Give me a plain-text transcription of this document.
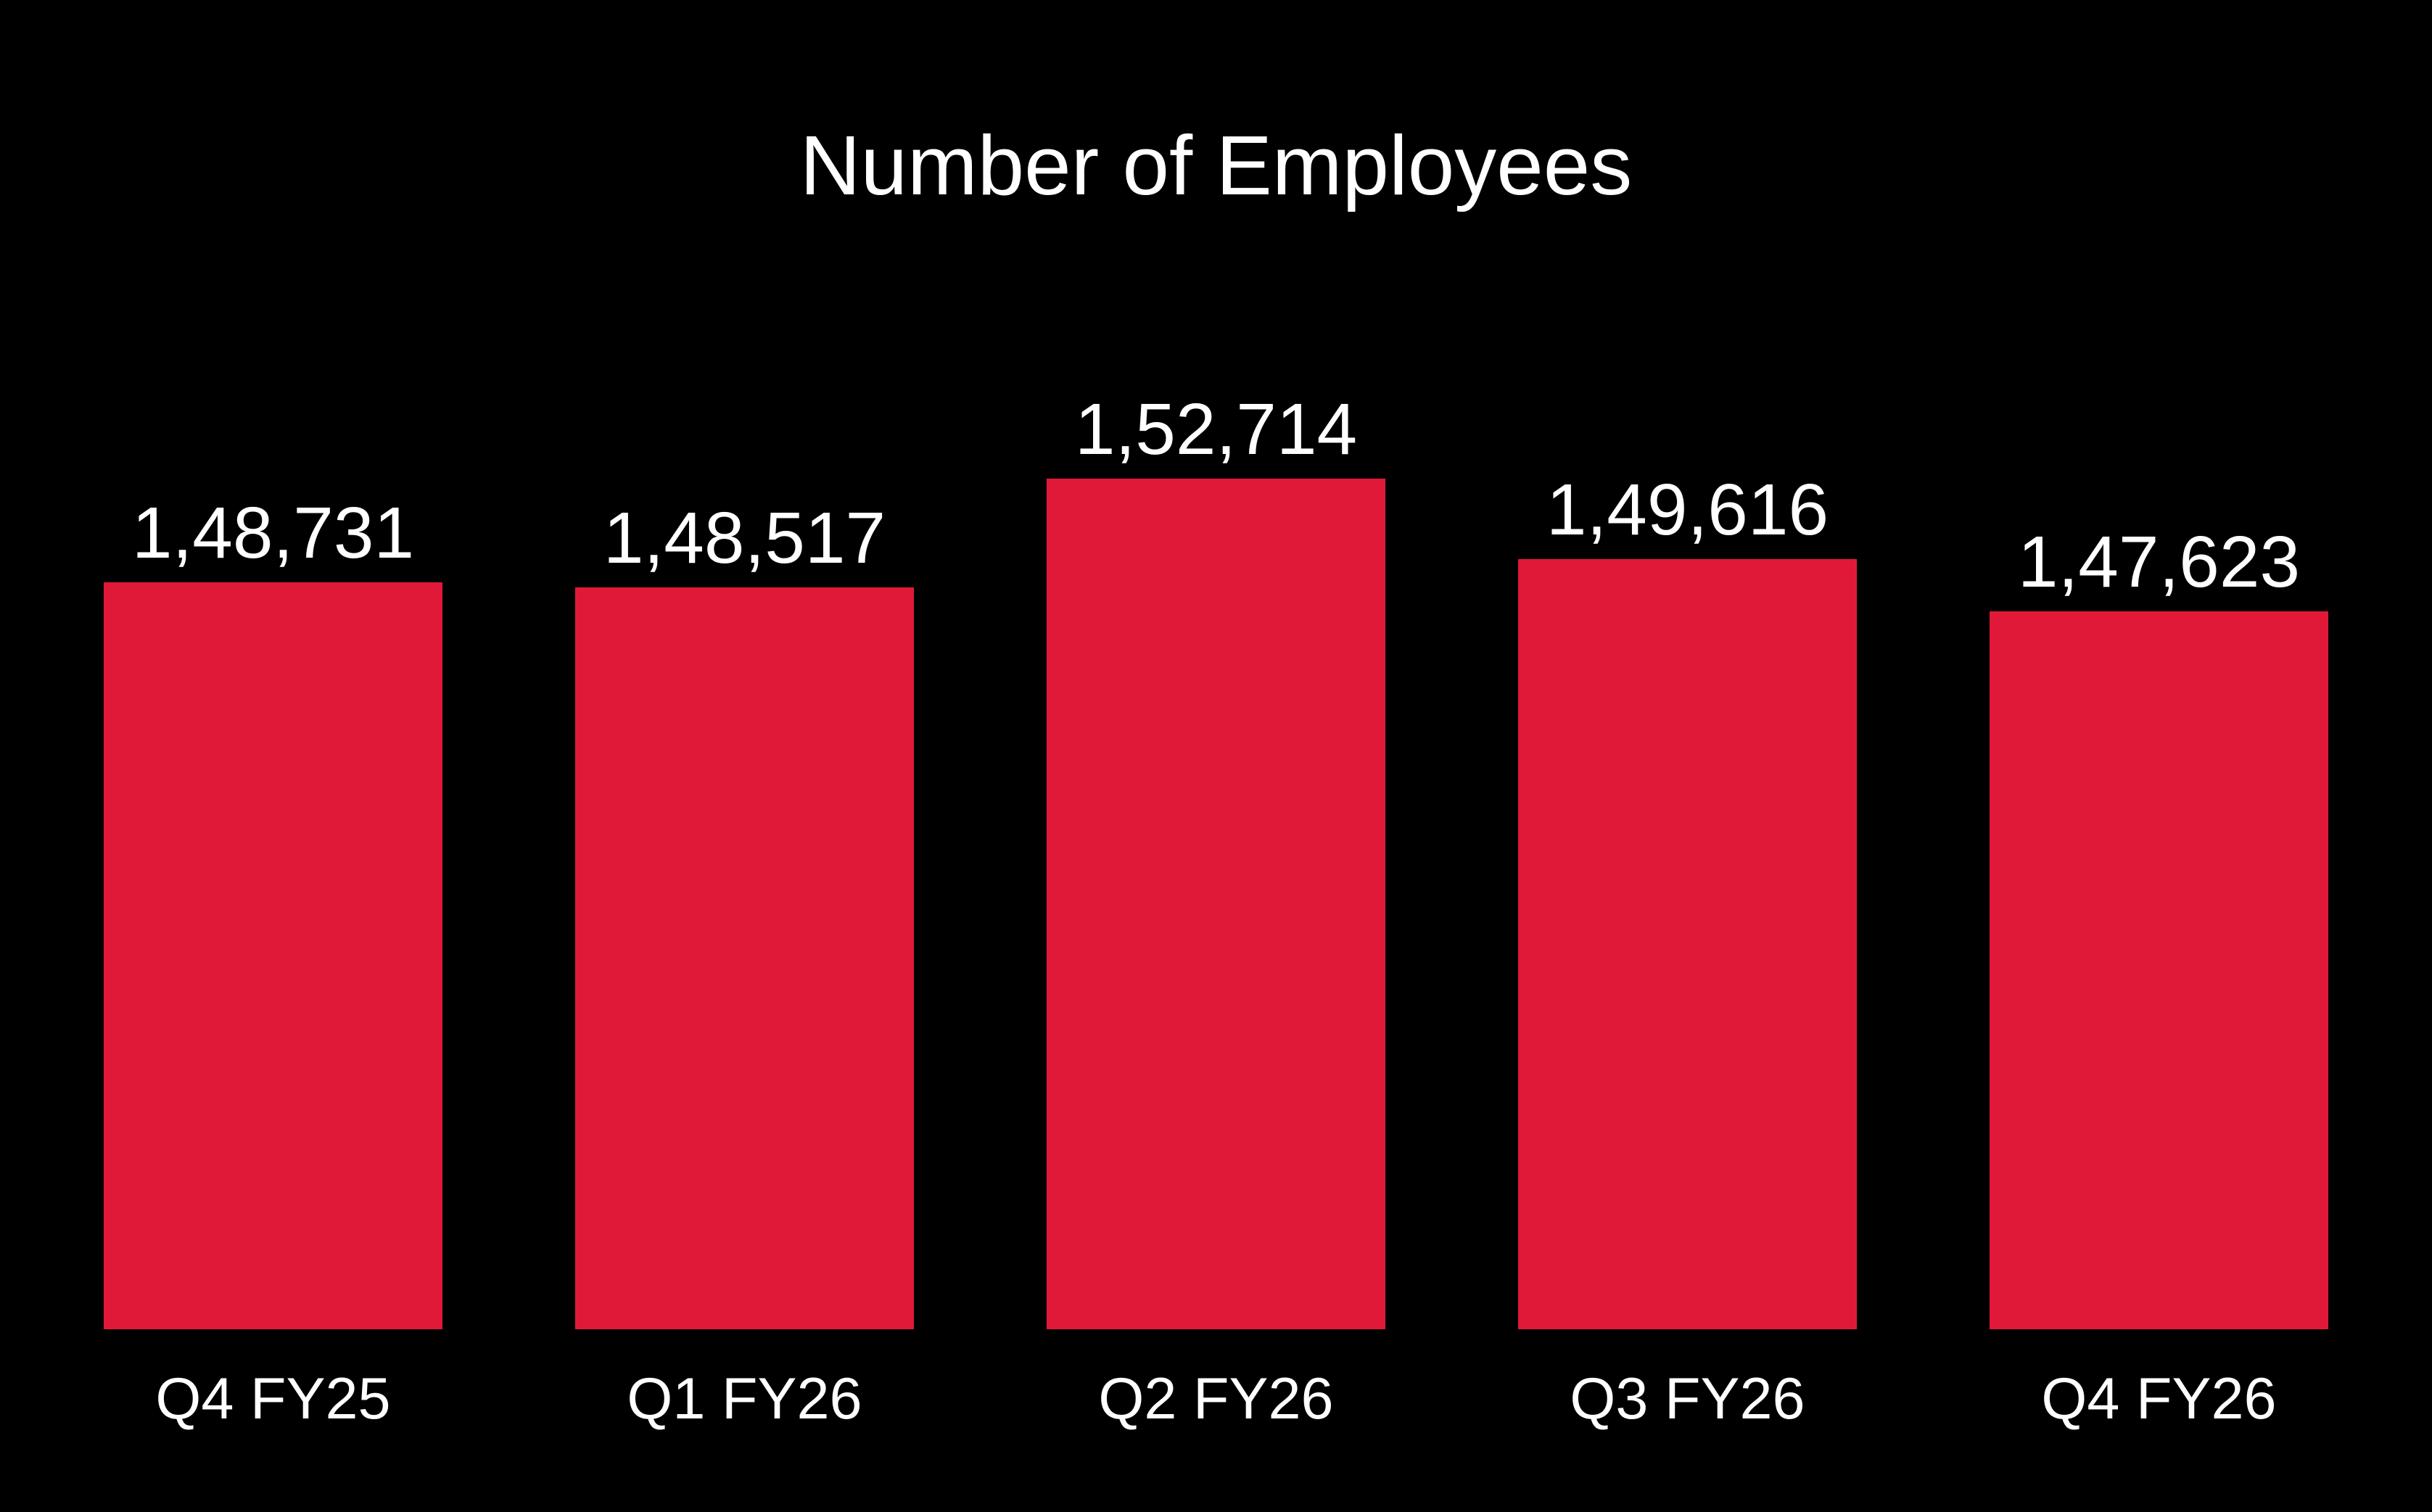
Number of Employees
1,48,731
Q4 FY25
1,48,517
Q1 FY26
1,52,714
Q2 FY26
1,49,616
Q3 FY26
1,47,623
Q4 FY26
